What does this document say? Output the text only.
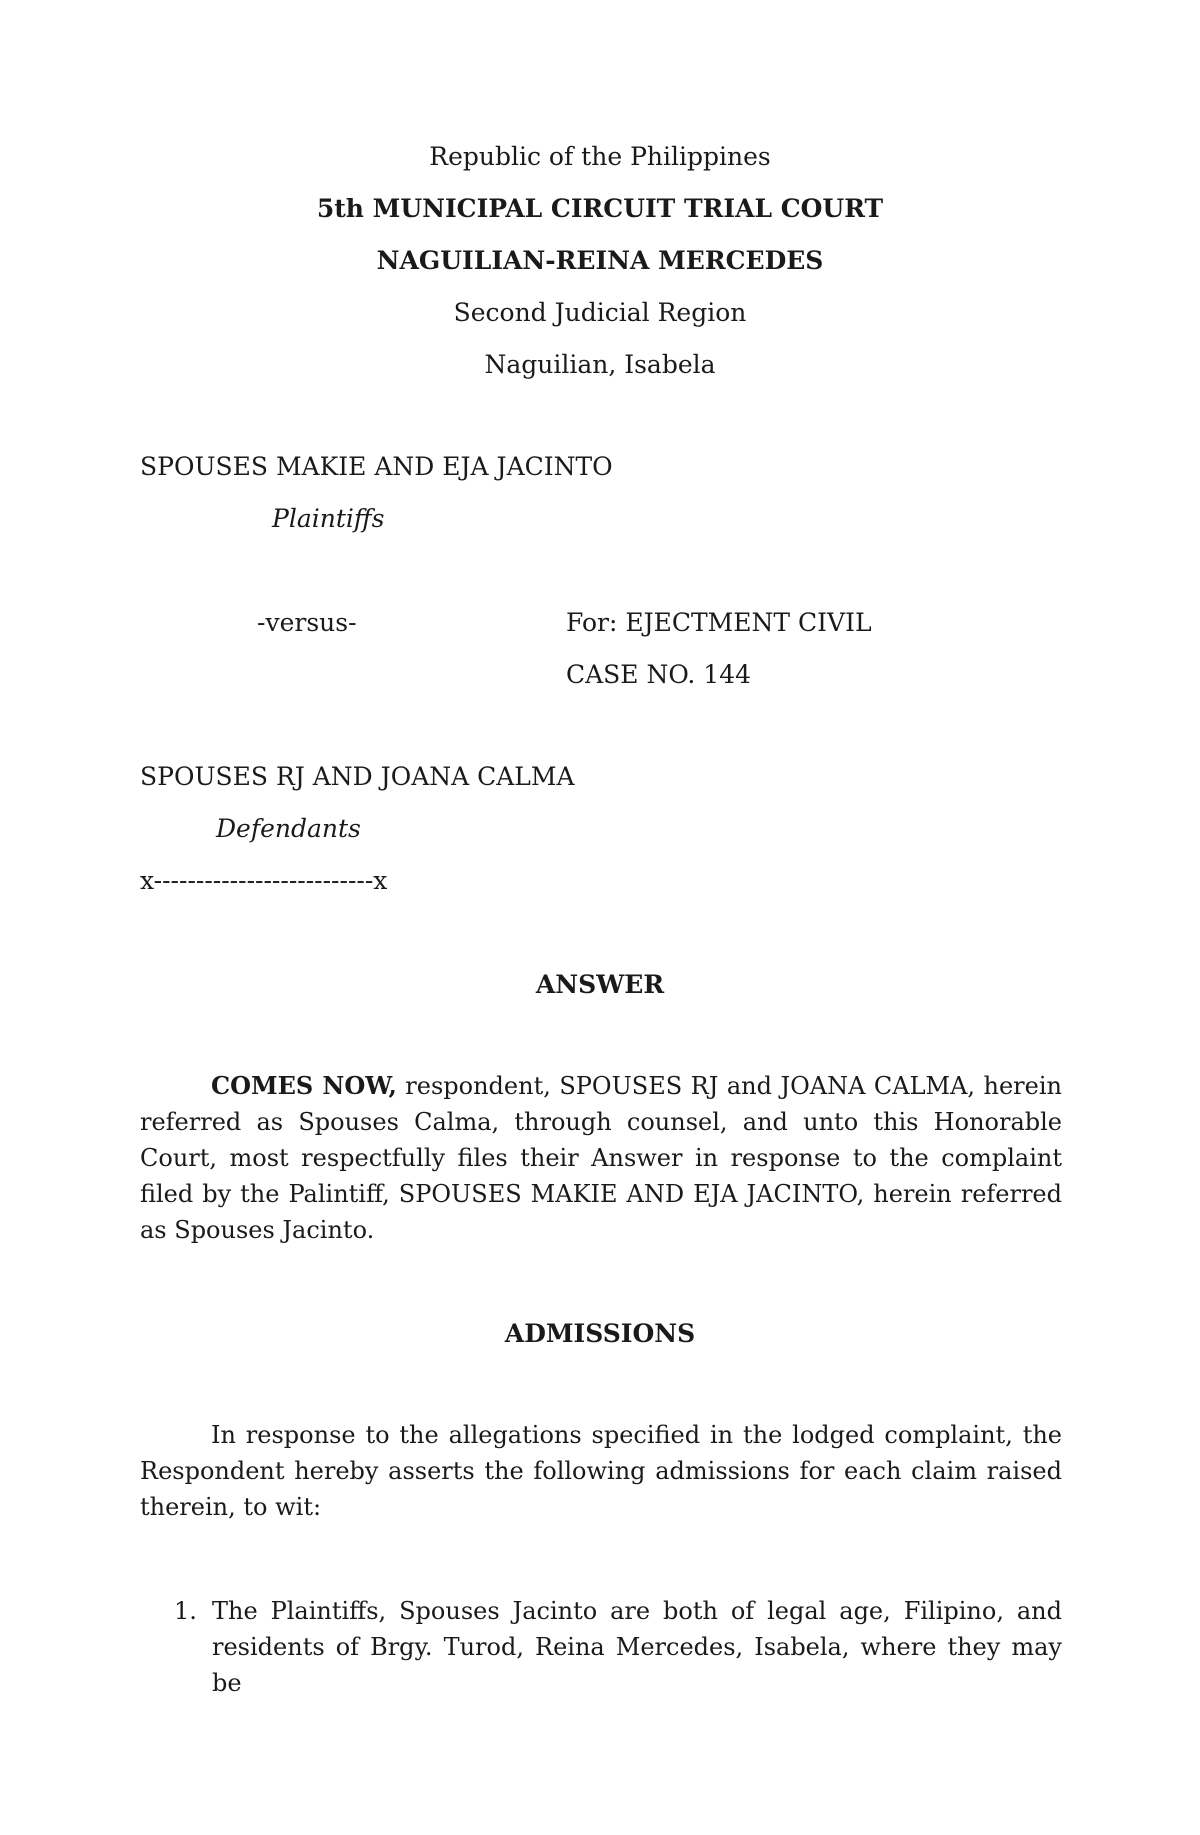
Republic of the Philippines
5th MUNICIPAL CIRCUIT TRIAL COURT
NAGUILIAN-REINA MERCEDES
Second Judicial Region
Naguilian, Isabela
SPOUSES MAKIE AND EJA JACINTO
Plaintiffs
-versus-	For: EJECTMENT CIVIL
CASE NO. 144
SPOUSES RJ AND JOANA CALMA
Defendants
x--------------------------x
ANSWER
COMES NOW, respondent, SPOUSES RJ and JOANA CALMA, herein referred as Spouses Calma, through counsel, and unto this Honorable Court, most respectfully files their Answer in response to the complaint filed by the Palintiff, SPOUSES MAKIE AND EJA JACINTO, herein referred as Spouses Jacinto.
ADMISSIONS
In response to the allegations specified in the lodged complaint, the Respondent hereby asserts the following admissions for each claim raised therein, to wit:
1. The Plaintiffs, Spouses Jacinto are both of legal age, Filipino, and residents of Brgy. Turod, Reina Mercedes, Isabela, where they may be
